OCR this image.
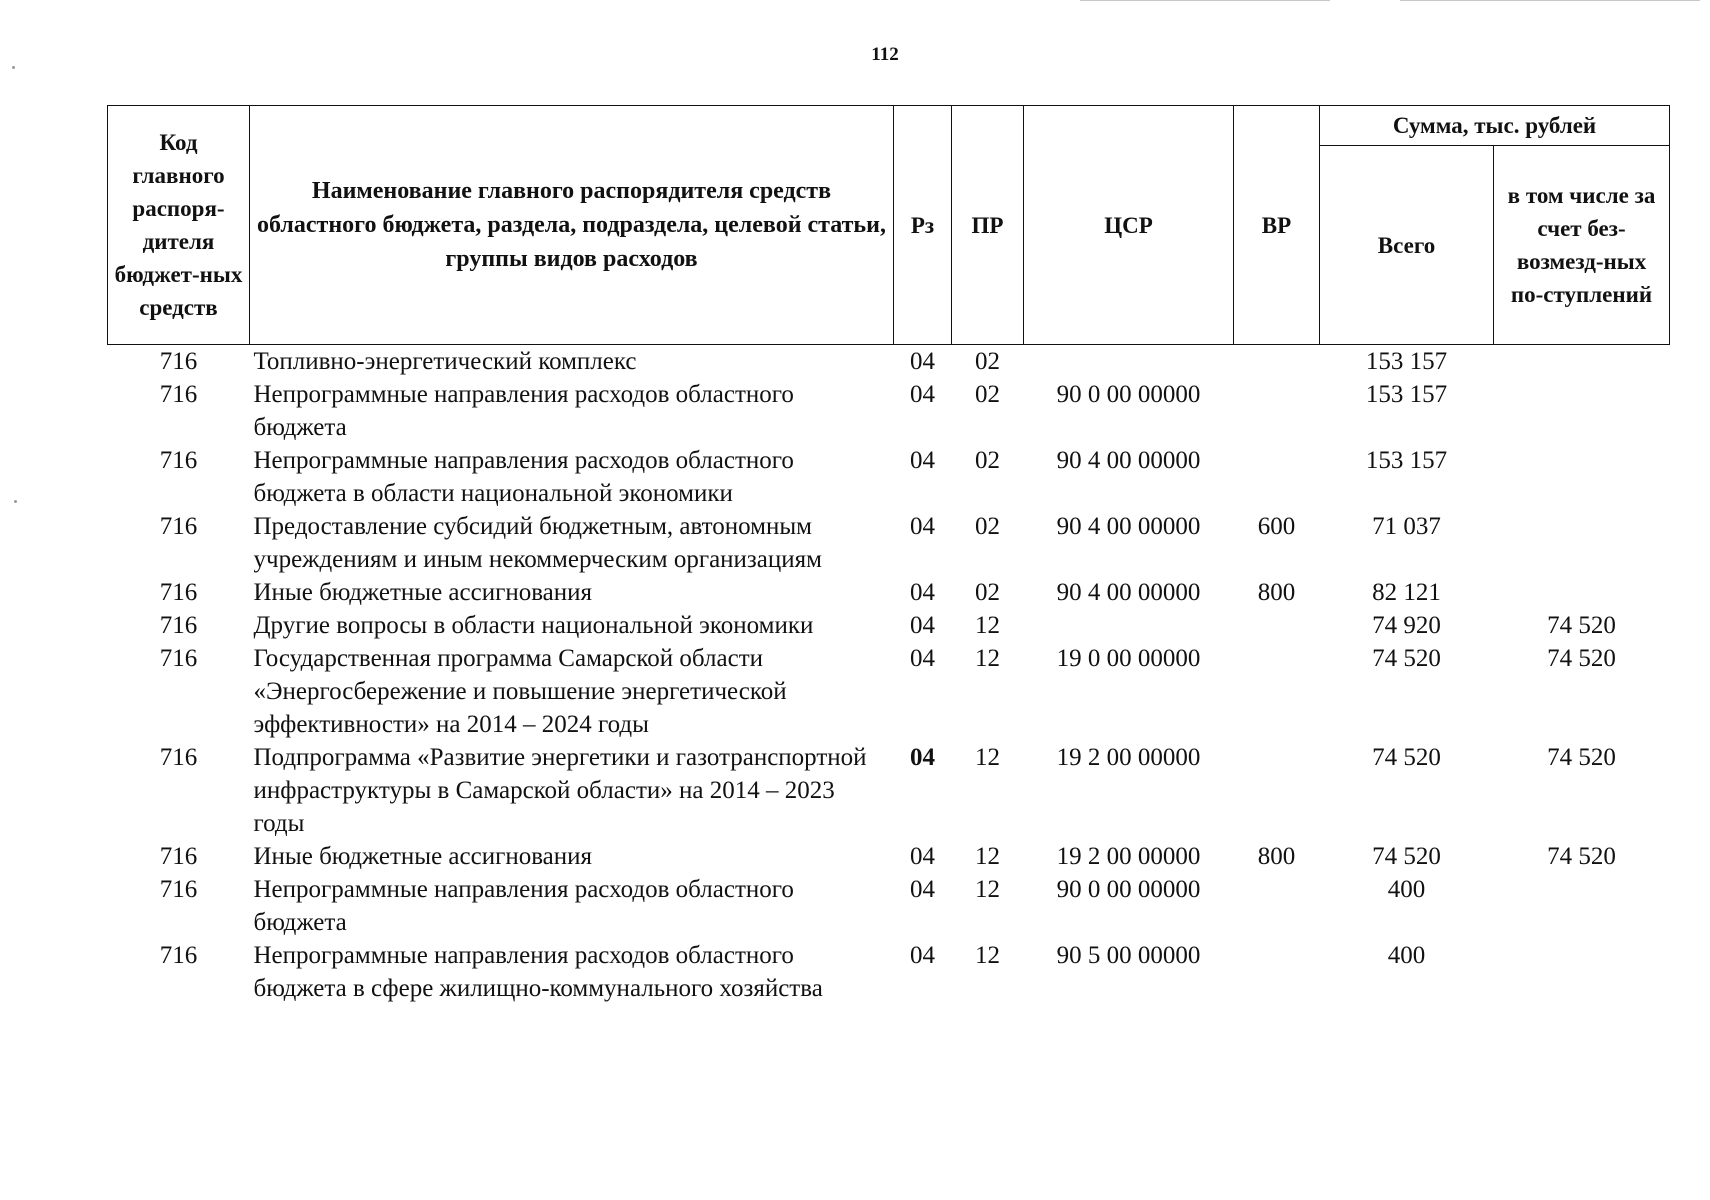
112
Код главного распоря-дителя бюджет-ных средств	Наименование главного распорядителя средств областного бюджета, раздела, подраздела, целевой статьи, группы видов расходов	Рз	ПР	ЦСР	ВР	Сумма, тыс. рублей	
						Всего	в том числе за счет без-возмезд-ных по-ступлений
716	Топливно-энергетический комплекс	04	02			153 157	
716	Непрограммные направления расходов областного бюджета	04	02	90 0 00 00000		153 157	
716	Непрограммные направления расходов областного бюджета в области национальной экономики	04	02	90 4 00 00000		153 157	
716	Предоставление субсидий бюджетным, автономным учреждениям и иным некоммерческим организациям	04	02	90 4 00 00000	600	71 037	
716	Иные бюджетные ассигнования	04	02	90 4 00 00000	800	82 121	
716	Другие вопросы в области национальной экономики	04	12			74 920	74 520
716	Государственная программа Самарской области «Энергосбережение и повышение энергетической эффективности» на 2014 – 2024 годы	04	12	19 0 00 00000		74 520	74 520
716	Подпрограмма «Развитие энергетики и газотранспортной инфраструктуры в Самарской области» на 2014 – 2023 годы	04	12	19 2 00 00000		74 520	74 520
716	Иные бюджетные ассигнования	04	12	19 2 00 00000	800	74 520	74 520
716	Непрограммные направления расходов областного бюджета	04	12	90 0 00 00000		400	
716	Непрограммные направления расходов областного бюджета в сфере жилищно-коммунального хозяйства	04	12	90 5 00 00000		400	
